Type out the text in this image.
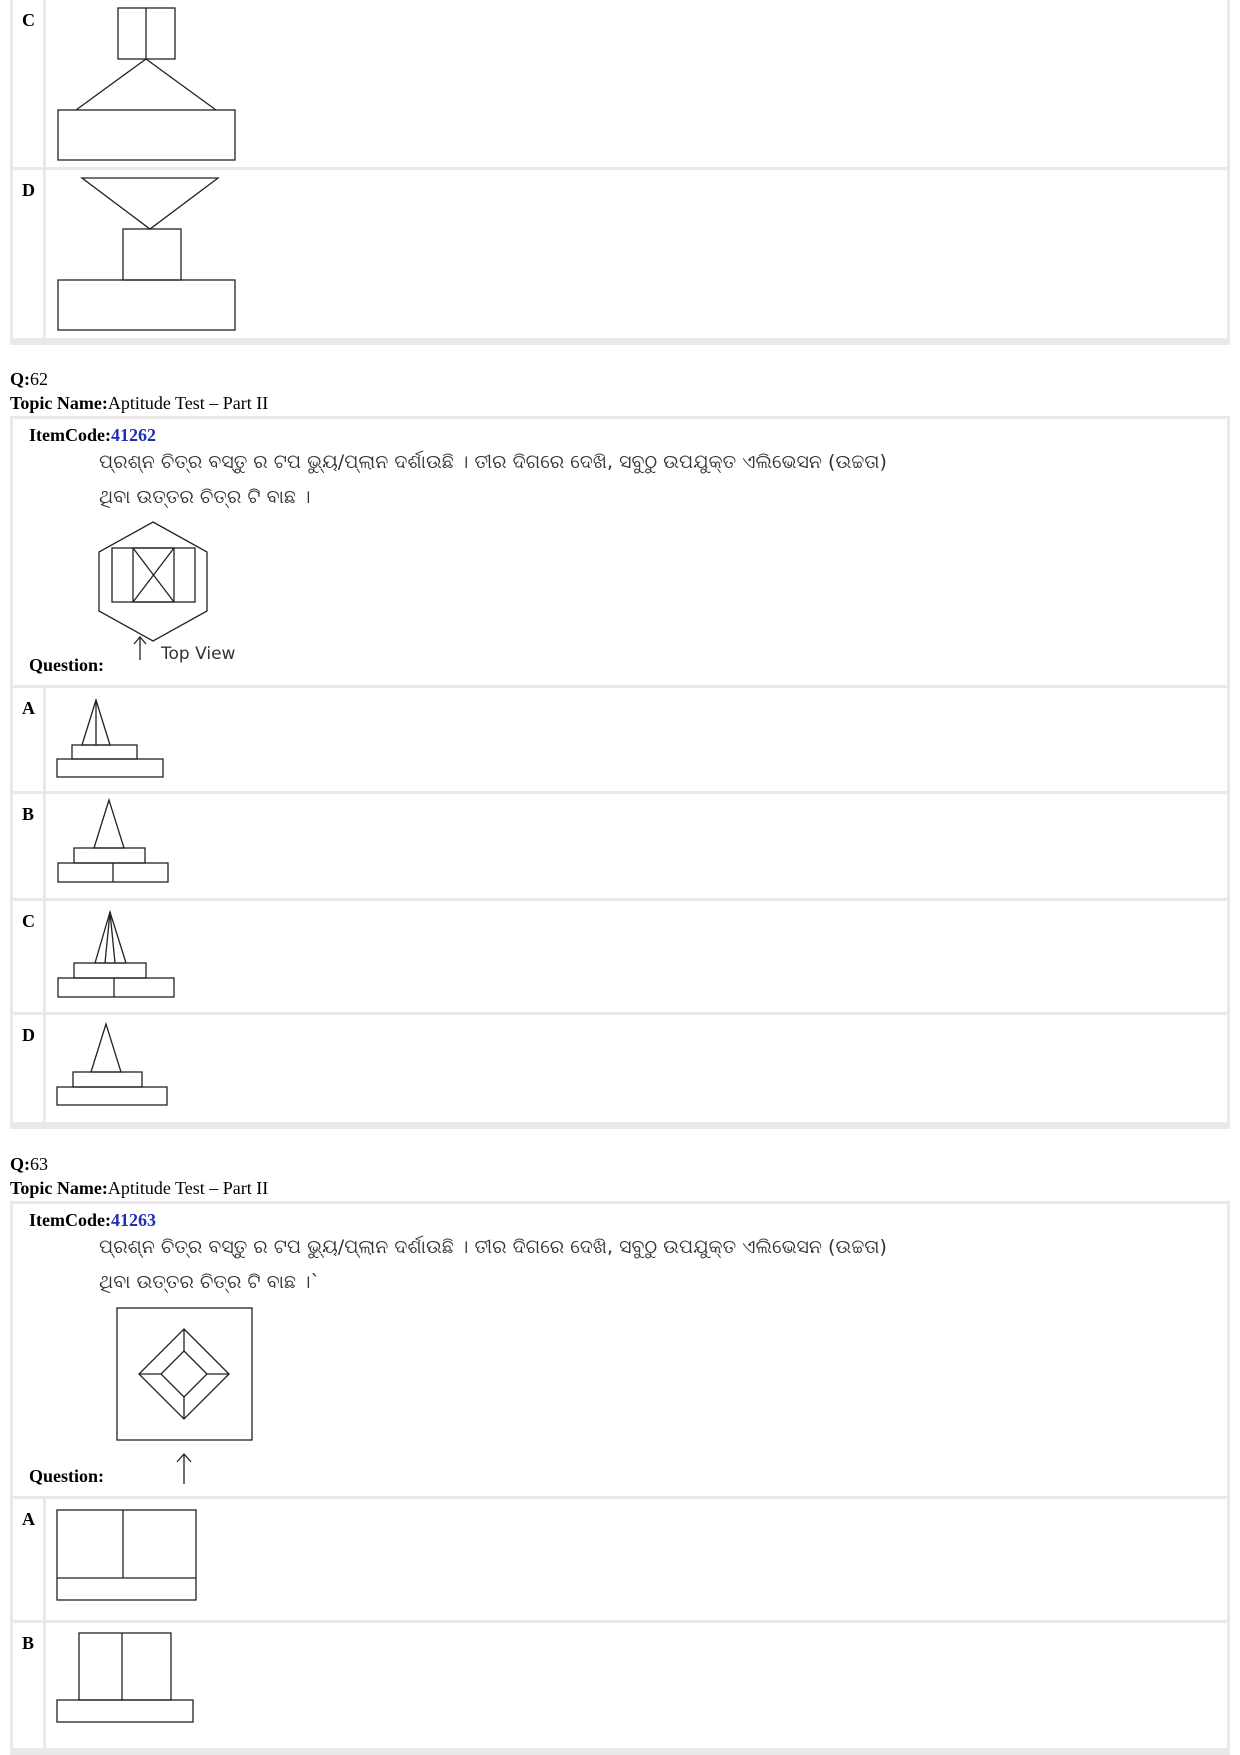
C
D
Q:62
Topic Name:Aptitude Test – Part II
ItemCode:41262
ପ୍ରଶ୍ନ ଚିତ୍ର ବସ୍ତୁ ର ଟପ ଭ୍ୟୁ/ପ୍ଲାନ ଦର୍ଶାଉଛି । ତୀର ଦିଗରେ ଦେଖି, ସବୁଠୁ ଉପଯୁକ୍ତ ଏଲିଭେସନ (ଉଚ୍ଚତା)
ଥିବା ଉତ୍ତର ଚିତ୍ର ଟି ବାଛ ।
Top View
Question:
A
B
C
D
Q:63
Topic Name:Aptitude Test – Part II
ItemCode:41263
ପ୍ରଶ୍ନ ଚିତ୍ର ବସ୍ତୁ ର ଟପ ଭ୍ୟୁ/ପ୍ଲାନ ଦର୍ଶାଉଛି । ତୀର ଦିଗରେ ଦେଖି, ସବୁଠୁ ଉପଯୁକ୍ତ ଏଲିଭେସନ (ଉଚ୍ଚତା)
ଥିବା ଉତ୍ତର ଚିତ୍ର ଟି ବାଛ ।`
Question:
A
B
